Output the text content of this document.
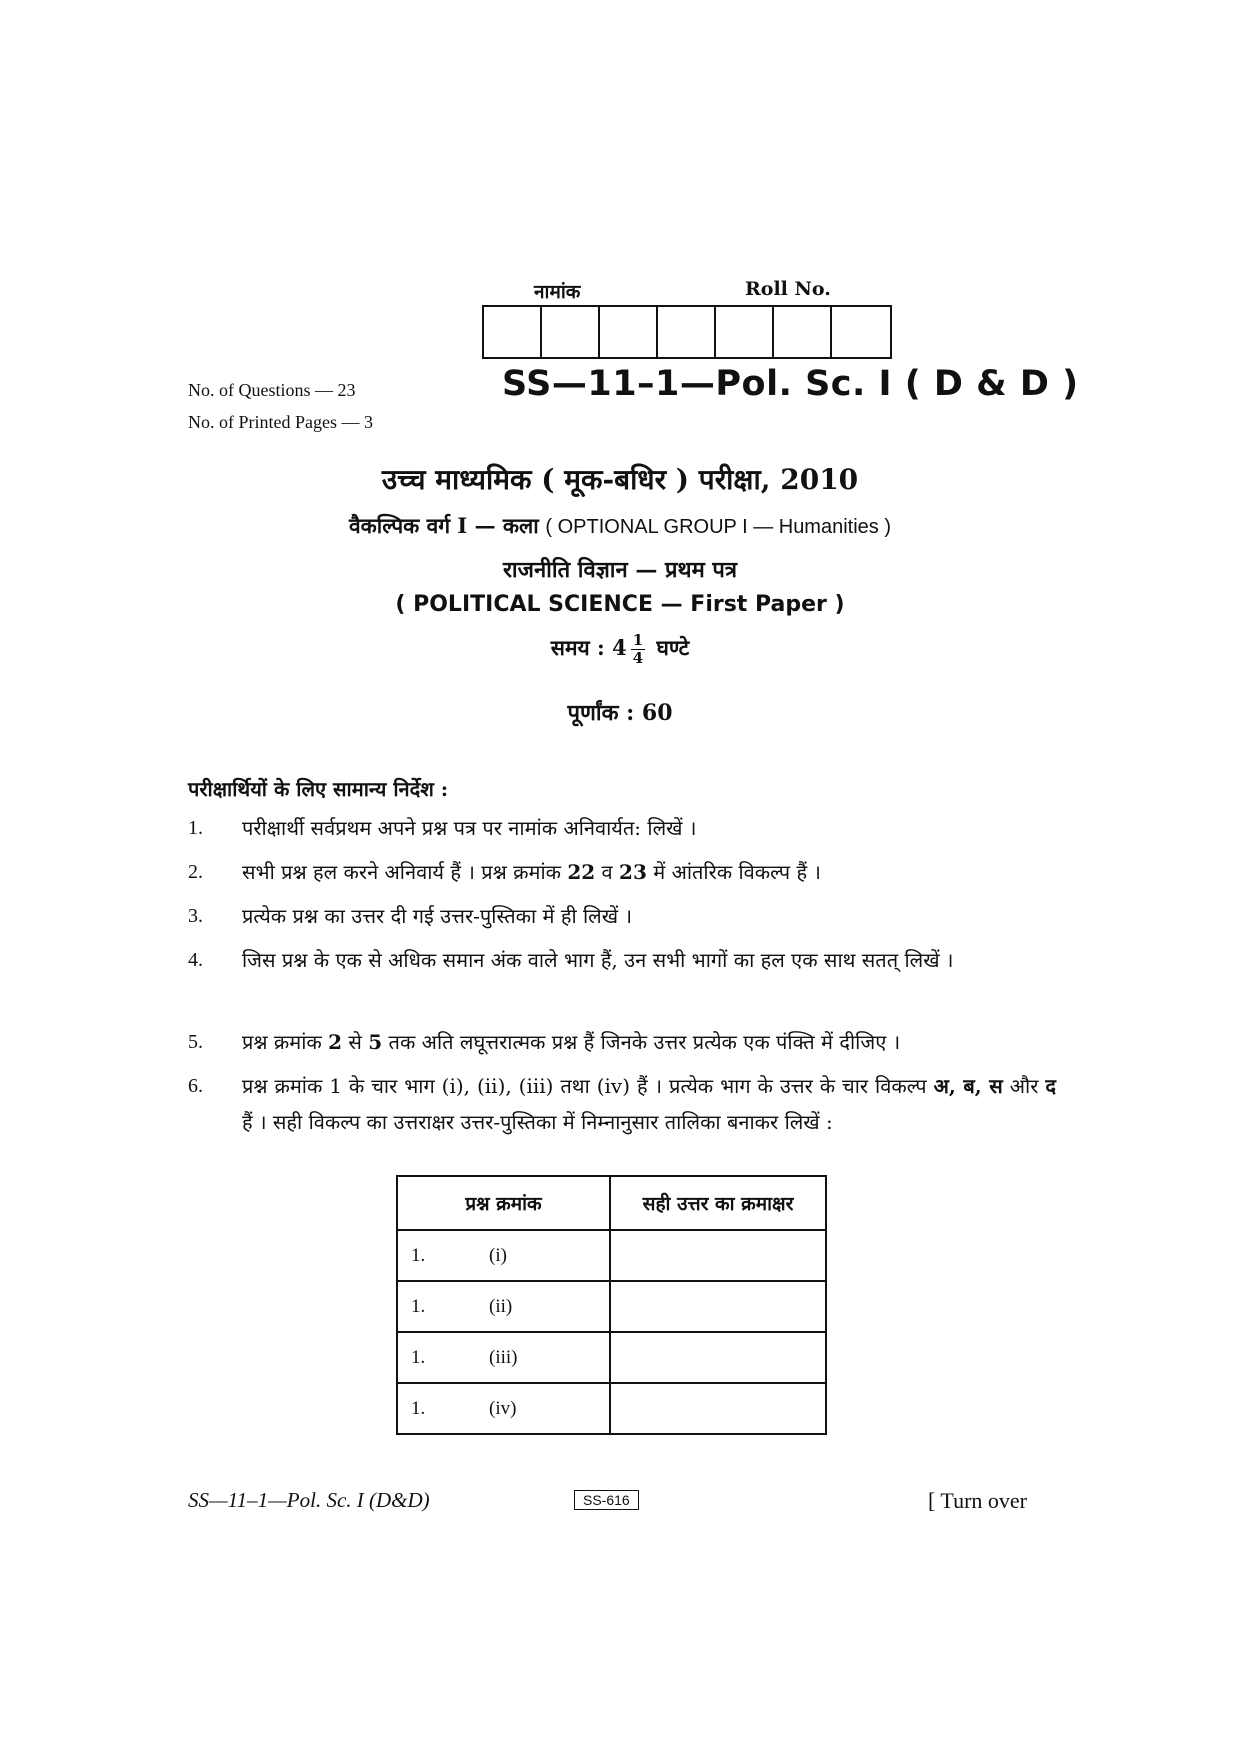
नामांक	Roll No.
No. of Questions — 23
No. of Printed Pages — 3
SS—11–1—Pol. Sc. I ( D & D )
उच्च माध्यमिक ( मूक-बधिर ) परीक्षा, 2010
वैकल्पिक वर्ग I — कला ( OPTIONAL GROUP I — Humanities )
राजनीति विज्ञान — प्रथम पत्र
( POLITICAL SCIENCE — First Paper )
समय : $4 \frac{1}{4}$ घण्टे
पूर्णांक : 60
परीक्षार्थियों के लिए सामान्य निर्देश :
1.	परीक्षार्थी सर्वप्रथम अपने प्रश्न पत्र पर नामांक अनिवार्यत: लिखें ।
2.	सभी प्रश्न हल करने अनिवार्य हैं । प्रश्न क्रमांक 22 व 23 में आंतरिक विकल्प हैं ।
3.	प्रत्येक प्रश्न का उत्तर दी गई उत्तर-पुस्तिका में ही लिखें ।
4.	जिस प्रश्न के एक से अधिक समान अंक वाले भाग हैं, उन सभी भागों का हल एक साथ सतत् लिखें ।
5.	प्रश्न क्रमांक 2 से 5 तक अति लघूत्तरात्मक प्रश्न हैं जिनके उत्तर प्रत्येक एक पंक्ति में दीजिए ।
6.	प्रश्न क्रमांक 1 के चार भाग (i), (ii), (iii) तथा (iv) हैं । प्रत्येक भाग के उत्तर के चार विकल्प अ, ब, स और द हैं । सही विकल्प का उत्तराक्षर उत्तर-पुस्तिका में निम्नानुसार तालिका बनाकर लिखें :
प्रश्न क्रमांक	सही उत्तर का क्रमाक्षर
1. (i)	
1. (ii)	
1. (iii)	
1. (iv)	
SS—11–1—Pol. Sc. I (D&D)	SS-616	[ Turn over
